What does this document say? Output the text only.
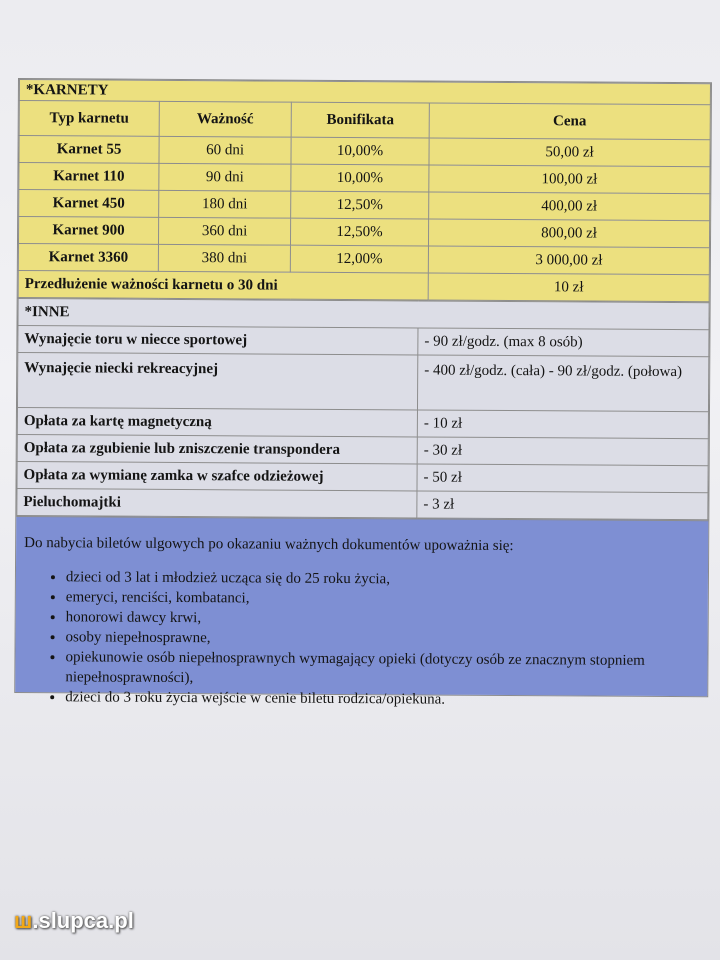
*KARNETY			
Typ karnetu	Ważność	Bonifikata	Cena
Karnet 55	60 dni	10,00%	50,00 zł
Karnet 110	90 dni	10,00%	100,00 zł
Karnet 450	180 dni	12,50%	400,00 zł
Karnet 900	360 dni	12,50%	800,00 zł
Karnet 3360	380 dni	12,00%	3 000,00 zł
Przedłużenie ważności karnetu o 30 dni			10 zł
*INNE	
Wynajęcie toru w niecce sportowej	- 90 zł/godz. (max 8 osób)
Wynajęcie niecki rekreacyjnej	- 400 zł/godz. (cała) - 90 zł/godz. (połowa)
Opłata za kartę magnetyczną	- 10 zł
Opłata za zgubienie lub zniszczenie transpondera	- 30 zł
Opłata za wymianę zamka w szafce odzieżowej	- 50 zł
Pieluchomajtki	- 3 zł
Do nabycia biletów ulgowych po okazaniu ważnych dokumentów upoważnia się:
• dzieci od 3 lat i młodzież ucząca się do 25 roku życia,
• emeryci, renciści, kombatanci,
• honorowi dawcy krwi,
• osoby niepełnosprawne,
• opiekunowie osób niepełnosprawnych wymagający opieki (dotyczy osób ze znacznym stopniem niepełnosprawności),
• dzieci do 3 roku życia wejście w cenie biletu rodzica/opiekuna.
ш.slupca.pl
